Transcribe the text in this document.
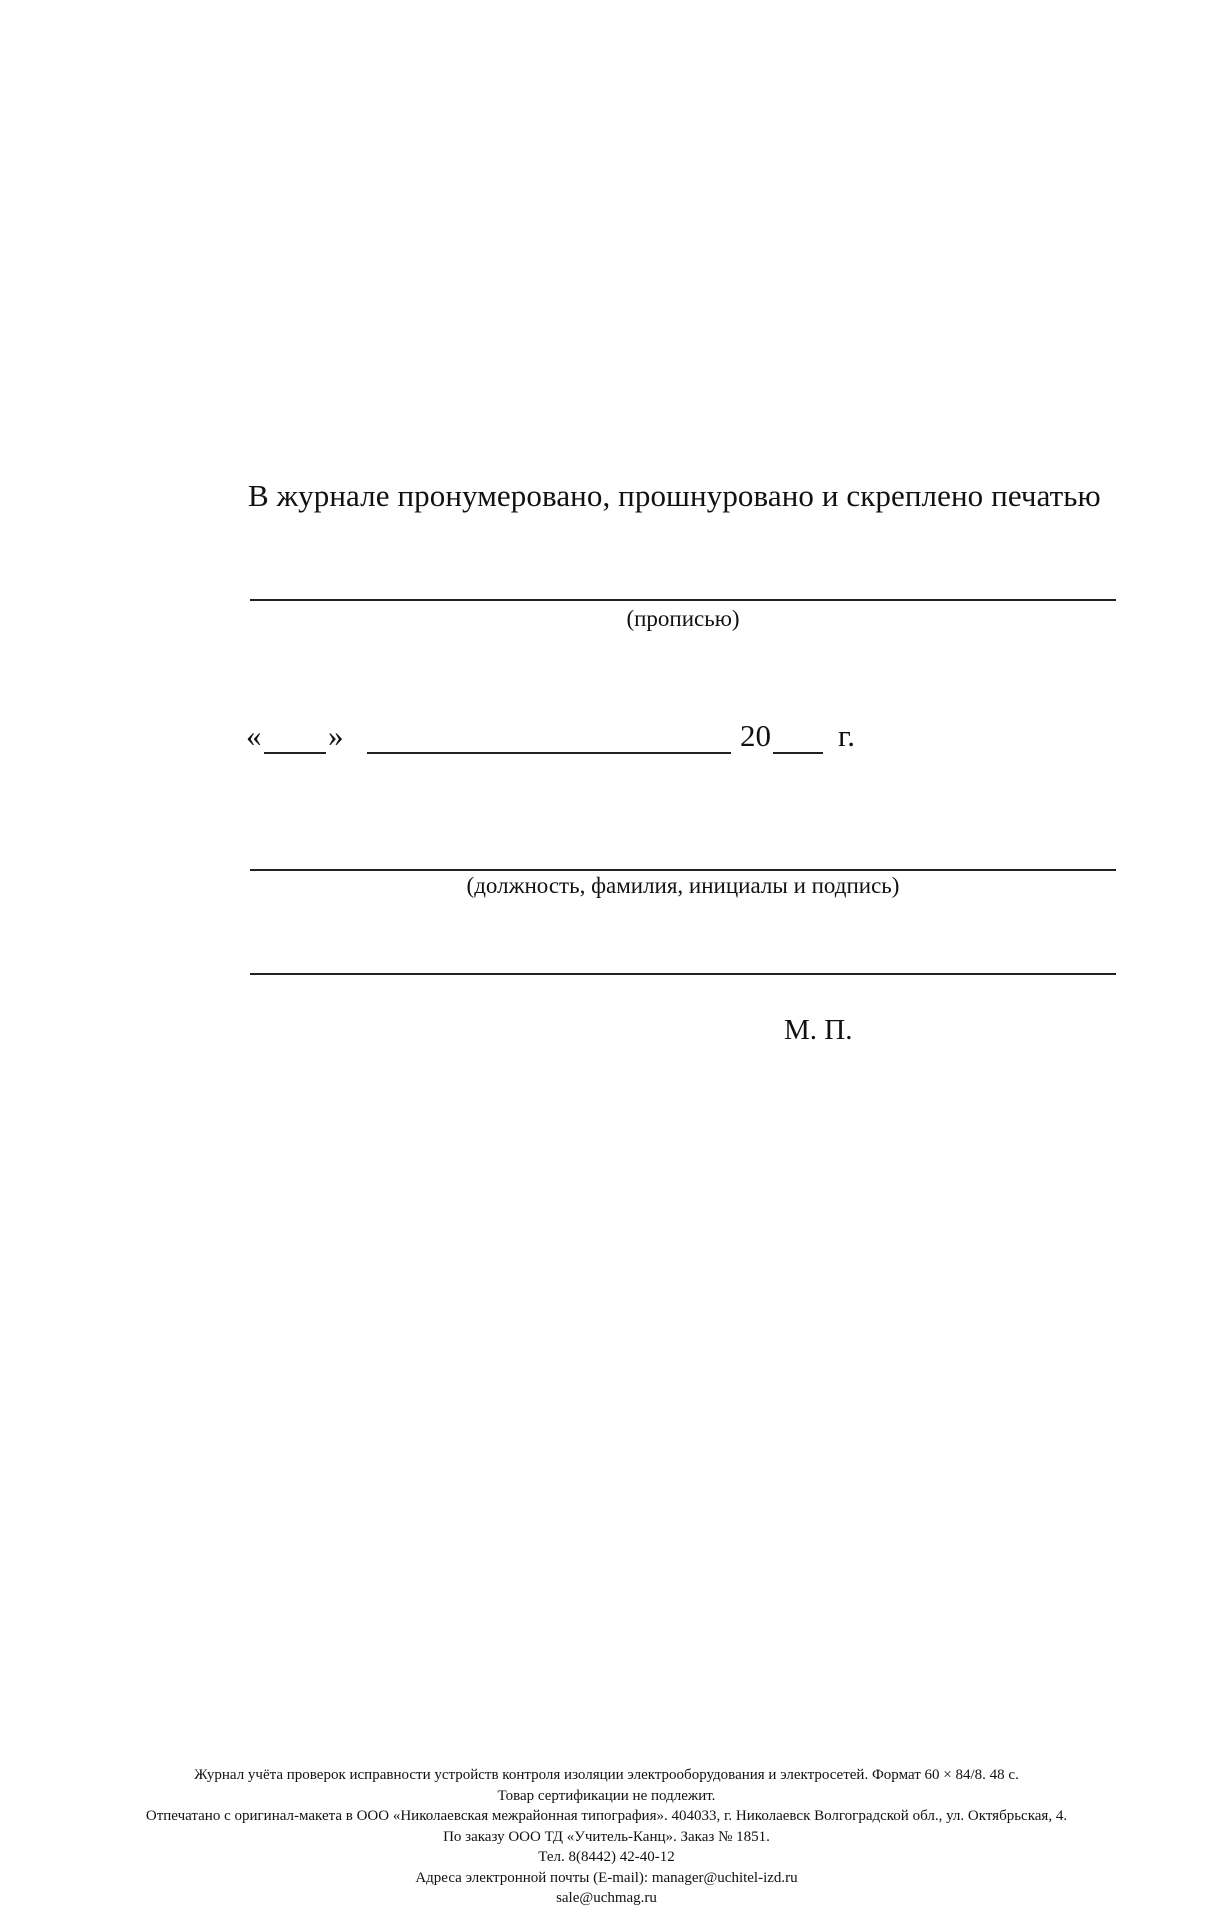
В журнале пронумеровано, прошнуровано и скреплено печатью
(прописью)
« »	20 г.
(должность, фамилия, инициалы и подпись)
М. П.
Журнал учёта проверок исправности устройств контроля изоляции электрооборудования и электросетей. Формат 60 × 84/8. 48 с.
Товар сертификации не подлежит.
Отпечатано с оригинал-макета в ООО «Николаевская межрайонная типография». 404033, г. Николаевск Волгоградской обл., ул. Октябрьская, 4.
По заказу ООО ТД «Учитель-Канц». Заказ № 1851.
Тел. 8(8442) 42-40-12
Адреса электронной почты (E-mail): manager@uchitel-izd.ru
sale@uchmag.ru
